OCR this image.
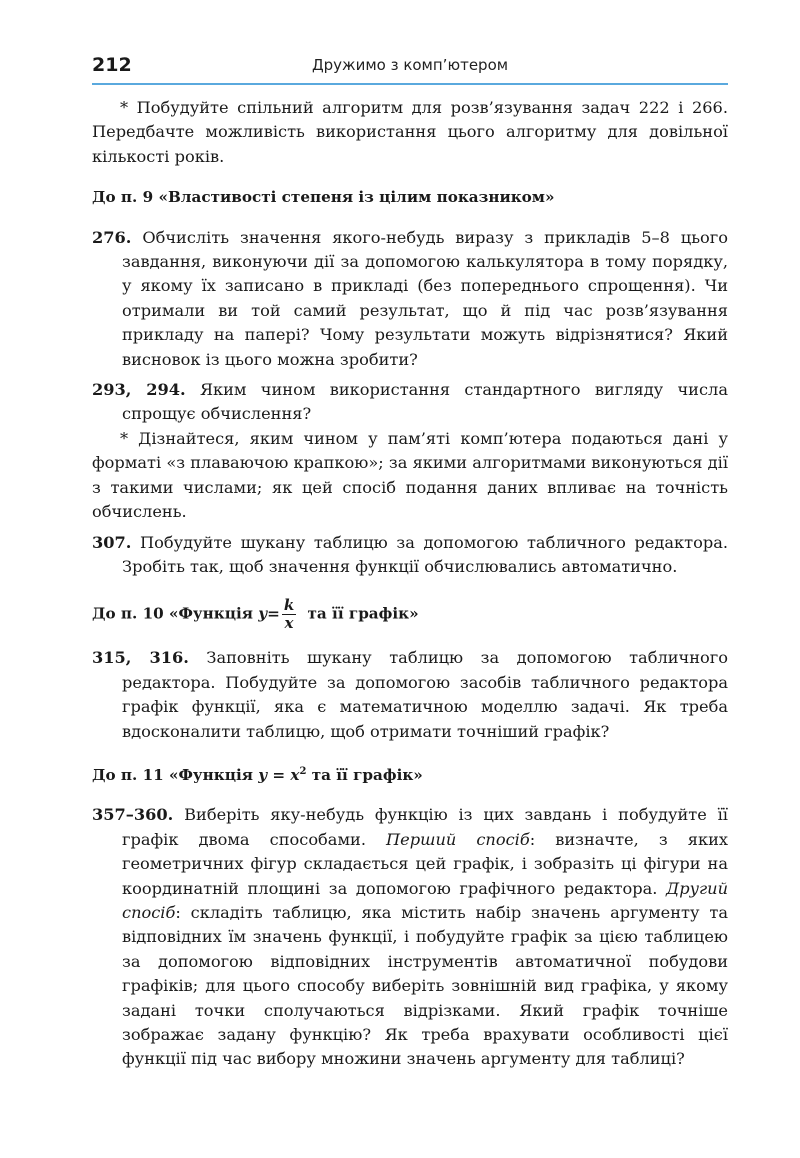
212	Дружимо з комп’ютером

* Побудуйте спільний алгоритм для розв’язування задач 222 і 266. Передбачте можливість використання цього алгоритму для довільної кількості років.

До п. 9 «Властивості степеня із цілим показником»

276. Обчисліть значення якого-небудь виразу з прикладів 5–8 цього завдання, виконуючи дії за допомогою калькулятора в тому порядку, у якому їх записано в прикладі (без попереднього спрощення). Чи отримали ви той самий результат, що й під час розв’язування прикладу на папері? Чому результати можуть відрізнятися? Який висновок із цього можна зробити?

293, 294. Яким чином використання стандартного вигляду числа спрощує обчислення?

* Дізнайтеся, яким чином у пам’яті комп’ютера подаються дані у форматі «з плаваючою крапкою»; за якими алгоритмами виконуються дії з такими числами; як цей спосіб подання даних впливає на точність обчислень.

307. Побудуйте шукану таблицю за допомогою табличного редактора. Зробіть так, щоб значення функції обчислювались автоматично.

До п. 10 «Функція $y= \frac{k}{x}$ та її графік»

315, 316. Заповніть шукану таблицю за допомогою табличного редактора. Побудуйте за допомогою засобів табличного редактора графік функції, яка є математичною моделлю задачі. Як треба вдосконалити таблицю, щоб отримати точніший графік?

До п. 11 «Функція $y = x^2$ та її графік»

357–360. Виберіть яку-небудь функцію із цих завдань і побудуйте її графік двома способами. Перший спосіб: визначте, з яких геометричних фігур складається цей графік, і зобразіть ці фігури на координатній площині за допомогою графічного редактора. Другий спосіб: складіть таблицю, яка містить набір значень аргументу та відповідних їм значень функції, і побудуйте графік за цією таблицею за допомогою відповідних інструментів автоматичної побудови графіків; для цього способу виберіть зовнішній вид графіка, у якому задані точки сполучаються відрізками. Який графік точніше зображає задану функцію? Як треба врахувати особливості цієї функції під час вибору множини значень аргументу для таблиці?
